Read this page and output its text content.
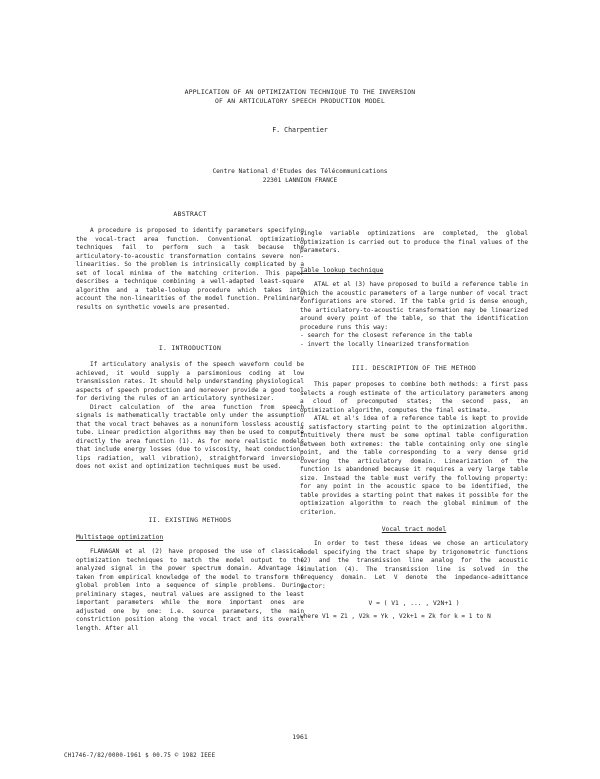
APPLICATION OF AN OPTIMIZATION TECHNIQUE TO THE INVERSION
OF AN ARTICULATORY SPEECH PRODUCTION MODEL
F. Charpentier
Centre National d'Etudes des Télécommunications
22301 LANNION FRANCE
ABSTRACT

A procedure is proposed to identify parameters specifying the vocal-tract area function. Conventional optimization techniques fail to perform such a task because the articulatory-to-acoustic transformation contains severe non-linearities. So the problem is intrinsically complicated by a set of local minima of the matching criterion. This paper describes a technique combining a well-adapted least-square algorithm and a table-lookup procedure which takes into account the non-linearities of the model function. Preliminary results on synthetic vowels are presented.

I. INTRODUCTION

If articulatory analysis of the speech waveform could be achieved, it would supply a parsimonious coding at low transmission rates. It should help understanding physiological aspects of speech production and moreover provide a good tool for deriving the rules of an articulatory synthesizer.

Direct calculation of the area function from speech signals is mathematically tractable only under the assumption that the vocal tract behaves as a nonuniform lossless acoustic tube. Linear prediction algorithms may then be used to compute directly the area function (1). As for more realistic models that include energy losses (due to viscosity, heat conduction, lips radiation, wall vibration), straightforward inversion does not exist and optimization techniques must be used.

II. EXISTING METHODS
Multistage optimization

FLANAGAN et al (2) have proposed the use of classical optimization techniques to match the model output to the analyzed signal in the power spectrum domain. Advantage is taken from empirical knowledge of the model to transform the global problem into a sequence of simple problems. During preliminary stages, neutral values are assigned to the least important parameters while the more important ones are adjusted one by one: i.e. source parameters, the main constriction position along the vocal tract and its overall length. After all

single variable optimizations are completed, the global optimization is carried out to produce the final values of the parameters.

Table lookup technique

ATAL et al (3) have proposed to build a reference table in which the acoustic parameters of a large number of vocal tract configurations are stored. If the table grid is dense enough, the articulatory-to-acoustic transformation may be linearized around every point of the table, so that the identification procedure runs this way:

- search for the closest reference in the table

- invert the locally linearized transformation

III. DESCRIPTION OF THE METHOD

This paper proposes to combine both methods: a first pass selects a rough estimate of the articulatory parameters among a cloud of precomputed states; the second pass, an optimization algorithm, computes the final estimate.

ATAL et al's idea of a reference table is kept to provide a satisfactory starting point to the optimization algorithm. Intuitively there must be some optimal table configuration between both extremes: the table containing only one single point, and the table corresponding to a very dense grid covering the articulatory domain. Linearization of the function is abandoned because it requires a very large table size. Instead the table must verify the following property: for any point in the acoustic space to be identified, the table provides a starting point that makes it possible for the optimization algorithm to reach the global minimum of the criterion.

Vocal tract model

In order to test these ideas we chose an articulatory model specifying the tract shape by trigonometric functions (2) and the transmission line analog for the acoustic simulation (4). The transmission line is solved in the frequency domain. Let V denote the impedance-admittance vector:

V = ( V1 , ... , V2N+1 )
where V1 = Z1 , V2k = Yk , V2k+1 = Zk for k = 1 to N
1961
CH1746-7/82/0000-1961 $ 00.75 © 1982 IEEE
